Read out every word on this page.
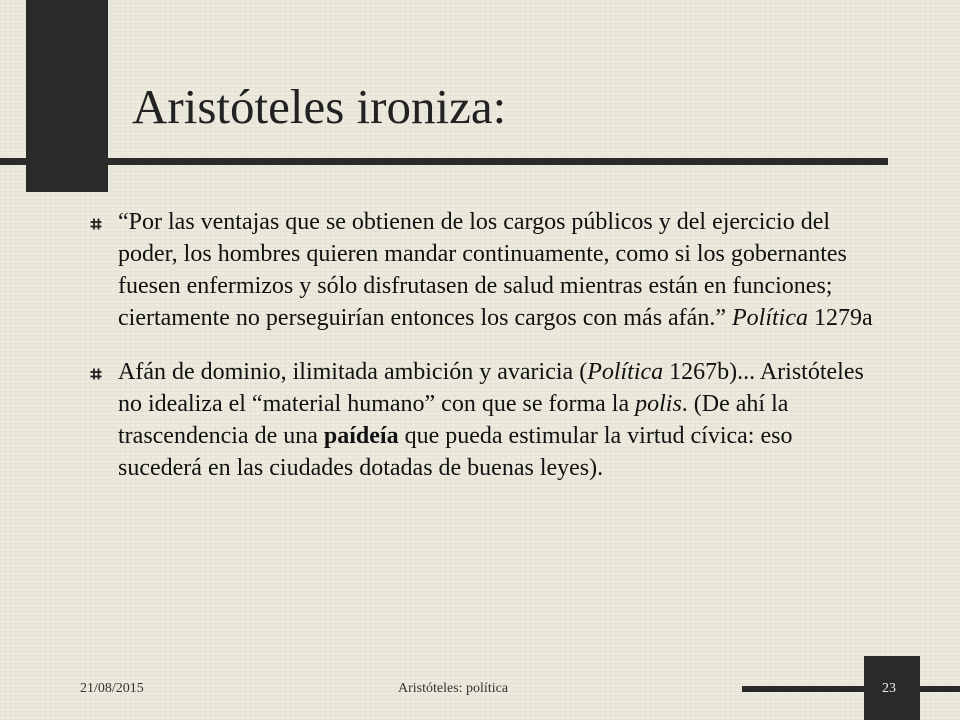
Aristóteles ironiza:
“Por las ventajas que se obtienen de los cargos públicos y del ejercicio del poder, los hombres quieren mandar continuamente, como si los gobernantes fuesen enfermizos y sólo disfrutasen de salud mientras están en funciones; ciertamente no perseguirían entonces los cargos con más afán.” Política 1279a
Afán de dominio, ilimitada ambición y avaricia (Política 1267b)... Aristóteles no idealiza el “material humano” con que se forma la polis. (De ahí la trascendencia de una paídeía que pueda estimular la virtud cívica: eso sucederá en las ciudades dotadas de buenas leyes).
21/08/2015	Aristóteles: política	23
